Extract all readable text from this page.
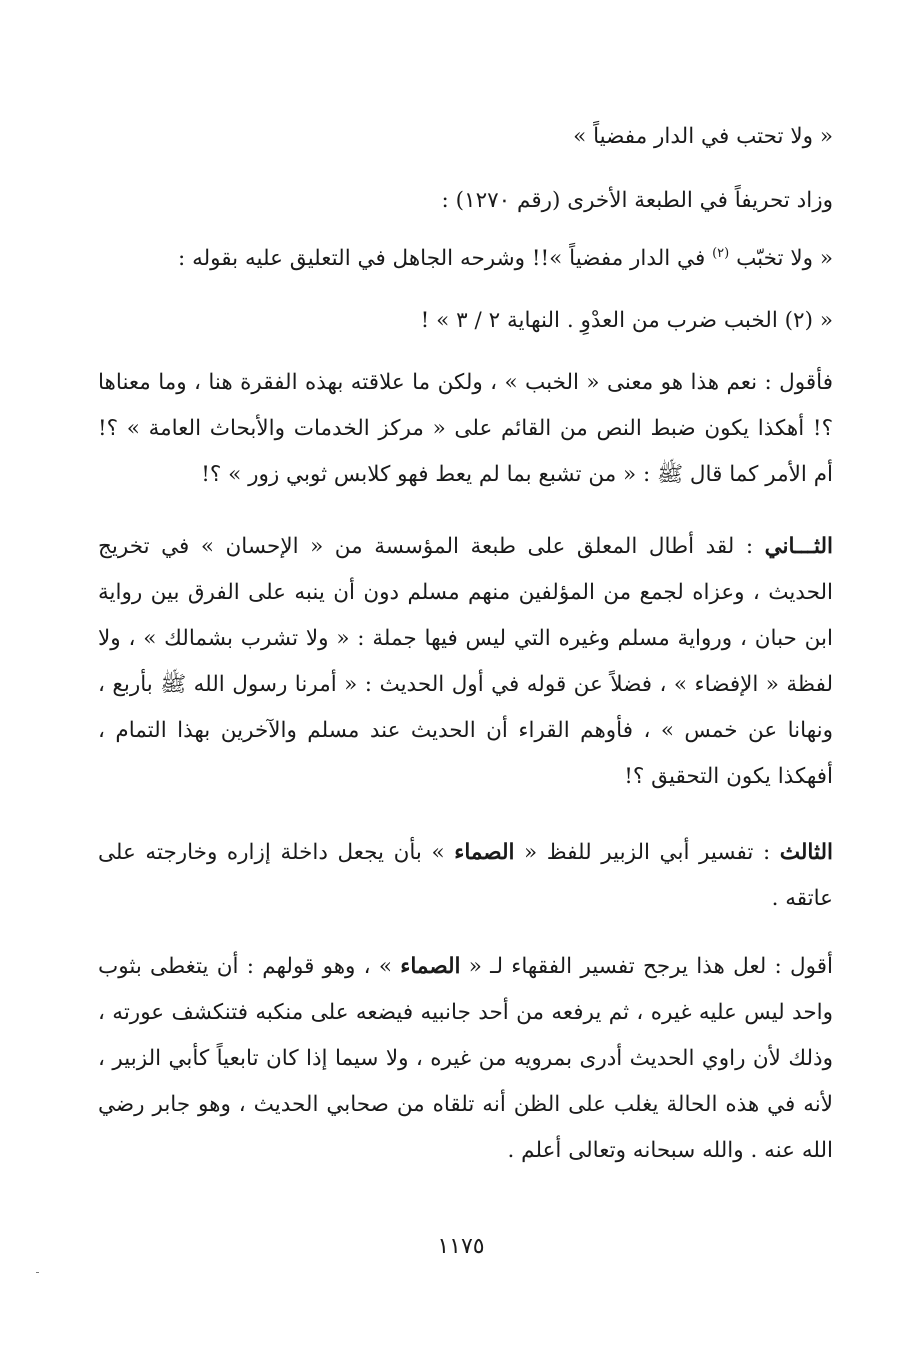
« ولا تحتب في الدار مفضياً »

وزاد تحريفاً في الطبعة الأخرى (رقم ١٢٧٠) :

« ولا تخبّب $^{(٢)}$ في الدار مفضياً »!! وشرحه الجاهل في التعليق عليه بقوله :

« (٢) الخبب ضرب من العدْوِ . النهاية ٢ / ٣ » !

فأقول : نعم هذا هو معنى « الخبب » ، ولكن ما علاقته بهذه الفقرة هنا ، وما معناها ؟! أهكذا يكون ضبط النص من القائم على « مركز الخدمات والأبحاث العامة » ؟! أم الأمر كما قال ﷺ : « من تشبع بما لم يعط فهو كلابس ثوبي زور » ؟!

الثـــاني : لقد أطال المعلق على طبعة المؤسسة من « الإحسان » في تخريج الحديث ، وعزاه لجمع من المؤلفين منهم مسلم دون أن ينبه على الفرق بين رواية ابن حبان ، ورواية مسلم وغيره التي ليس فيها جملة : « ولا تشرب بشمالك » ، ولا لفظة « الإفضاء » ، فضلاً عن قوله في أول الحديث : « أمرنا رسول الله ﷺ بأربع ، ونهانا عن خمس » ، فأوهم القراء أن الحديث عند مسلم والآخرين بهذا التمام ، أفهكذا يكون التحقيق ؟!

الثالث : تفسير أبي الزبير للفظ « الصماء » بأن يجعل داخلة إزاره وخارجته على عاتقه .

أقول : لعل هذا يرجح تفسير الفقهاء لـ « الصماء » ، وهو قولهم : أن يتغطى بثوب واحد ليس عليه غيره ، ثم يرفعه من أحد جانبيه فيضعه على منكبه فتنكشف عورته ، وذلك لأن راوي الحديث أدرى بمرويه من غيره ، ولا سيما إذا كان تابعياً كأبي الزبير ، لأنه في هذه الحالة يغلب على الظن أنه تلقاه من صحابي الحديث ، وهو جابر رضي الله عنه . والله سبحانه وتعالى أعلم .

١١٧٥
